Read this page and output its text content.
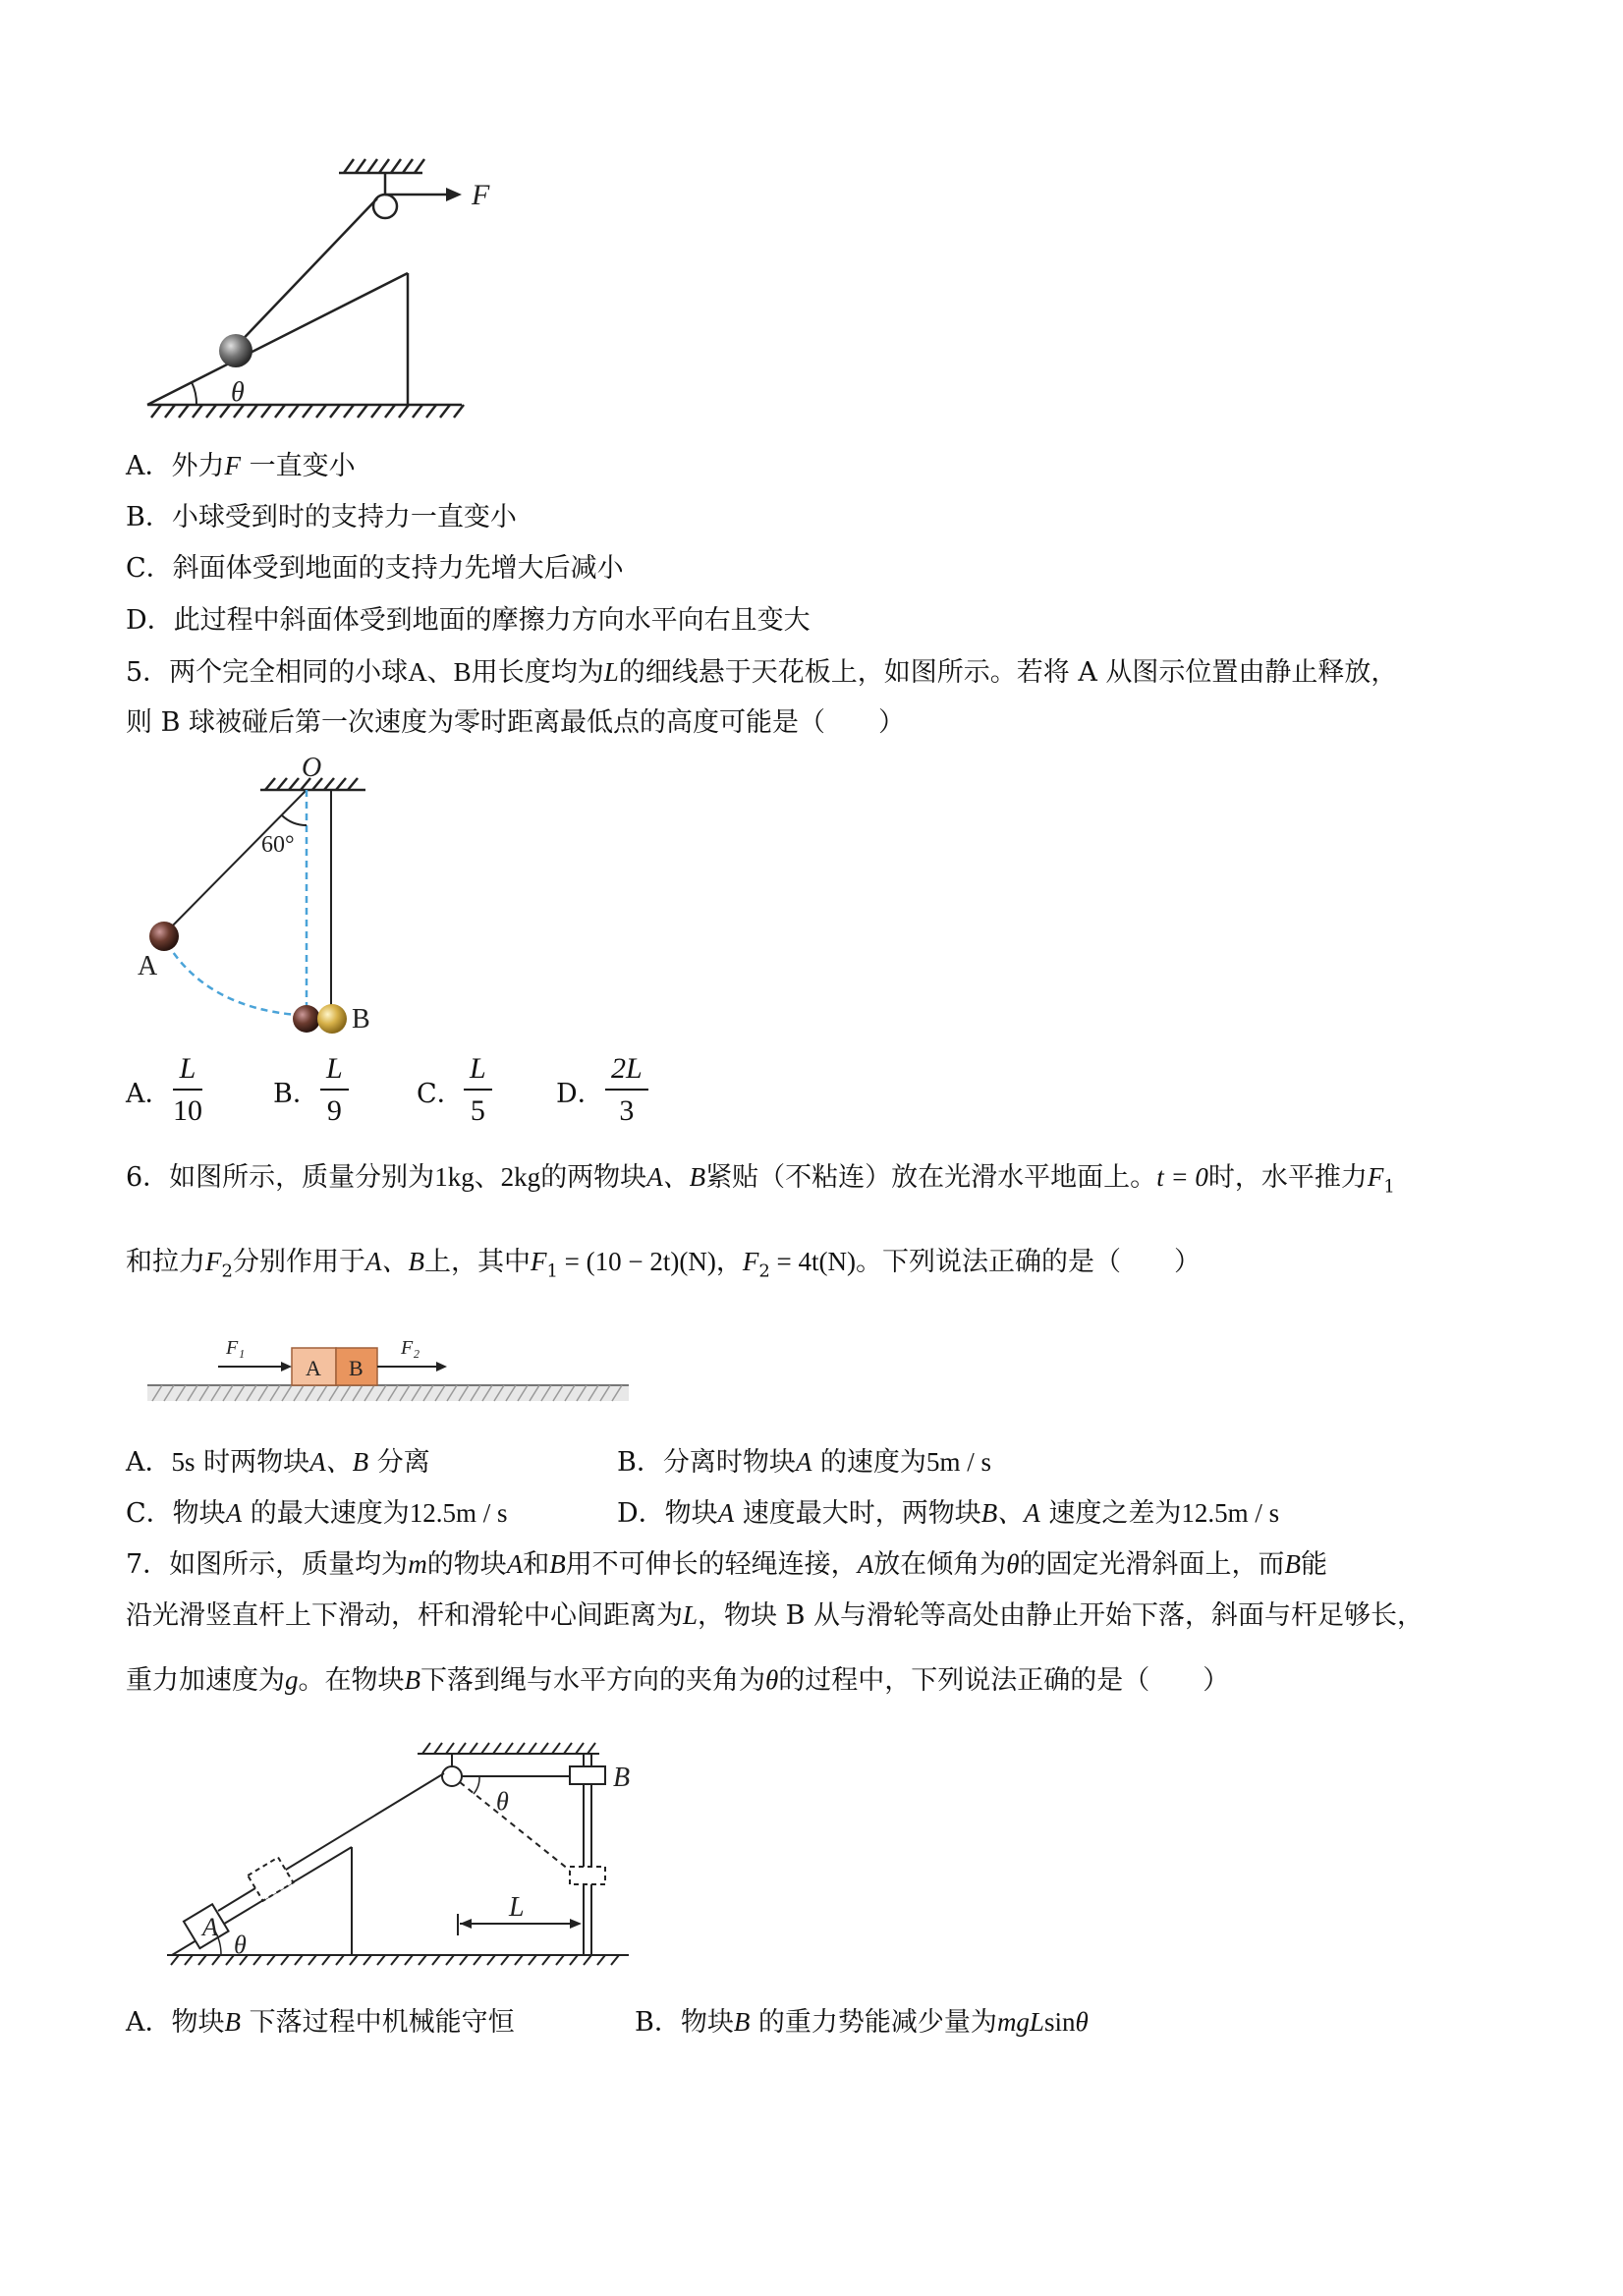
F
θ
A．外力F 一直变小
B．小球受到时的支持力一直变小
C．斜面体受到地面的支持力先增大后减小
D．此过程中斜面体受到地面的摩擦力方向水平向右且变大
5．两个完全相同的小球A、B用长度均为L的细线悬于天花板上，如图所示。若将 A 从图示位置由静止释放，
则 B 球被碰后第一次速度为零时距离最低点的高度可能是（　　）
O
60°
A
B
A． $\frac{L}{10}$	B． $\frac{L}{9}$	C． $\frac{L}{5}$ D． $\frac{2L}{3}$
6．如图所示，质量分别为1kg、2kg的两物块A、B紧贴（不粘连）放在光滑水平地面上。t = 0时，水平推力$F_1$
和拉力$F_2$分别作用于A、B上，其中$F_1 = (10 - 2t)(N)$，$F_2 = 4t(N)$。下列说法正确的是（　　）
A B
F₁	F₂
A．5s 时两物块A、B 分离	B．分离时物块A 的速度为5m / s
C．物块A 的最大速度为12.5m / s	D．物块A 速度最大时，两物块B、A 速度之差为12.5m / s
7．如图所示，质量均为m的物块A和B用不可伸长的轻绳连接，A放在倾角为θ的固定光滑斜面上，而B能
沿光滑竖直杆上下滑动，杆和滑轮中心间距离为L，物块 B 从与滑轮等高处由静止开始下落，斜面与杆足够长，
重力加速度为g。在物块B下落到绳与水平方向的夹角为θ的过程中，下列说法正确的是（　　）
B
θ
A
θ
L
A．物块B 下落过程中机械能守恒	B．物块B 的重力势能减少量为mgLsinθ
